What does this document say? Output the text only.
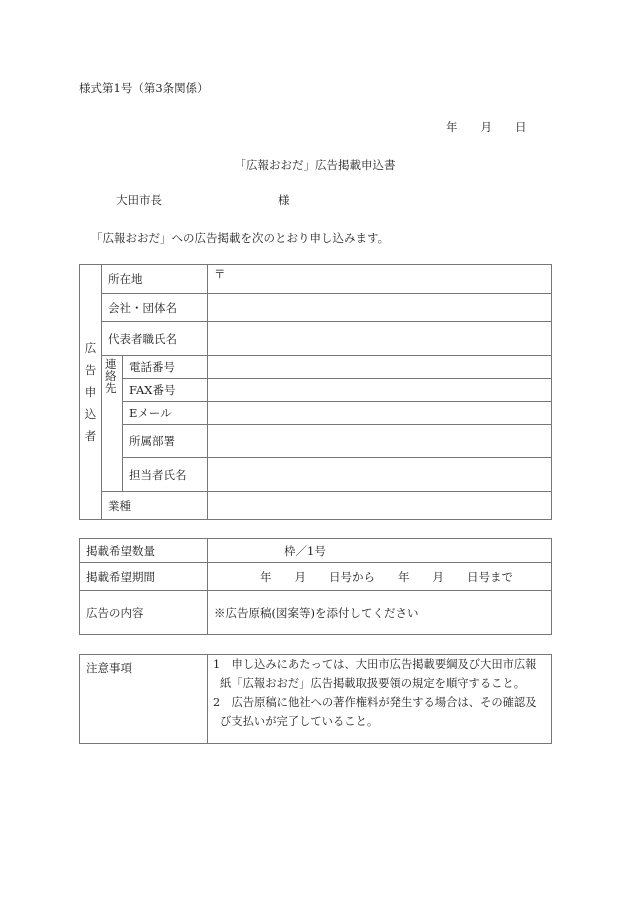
様式第1号（第3条関係）
年　　月　　日
「広報おおだ」広告掲載申込書
大田市長	様
「広報おおだ」への広告掲載を次のとおり申し込みます。
広
告
申
込
者	所在地		〒
	会社・団体名		
	代表者職氏名		
	連
絡
先	電話番号	
		FAX番号	
		Eメール	
		所属部署	
		担当者氏名	
	業種		
掲載希望数量	枠／1号
掲載希望期間	年　　月　　日号から　　年　　月　　日号まで
広告の内容	※広告原稿(図案等)を添付してください
注意事項	1　申し込みにあたっては、大田市広告掲載要綱及び大田市広報紙「広報おおだ」広告掲載取扱要領の規定を順守すること。
2　広告原稿に他社への著作権料が発生する場合は、その確認及び支払いが完了していること。
